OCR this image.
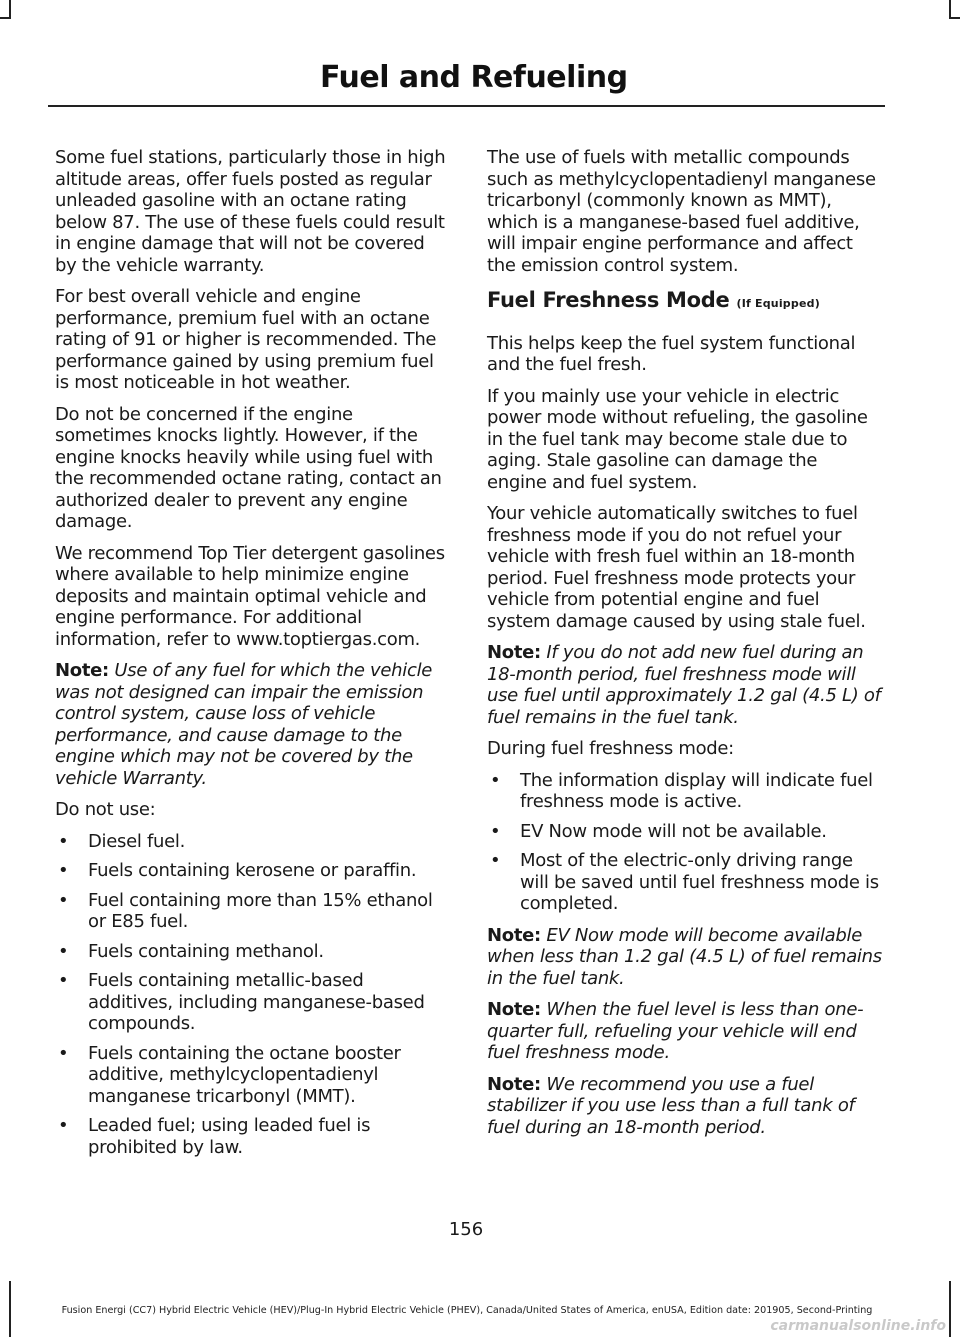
Fuel and Refueling

Some fuel stations, particularly those in high altitude areas, offer fuels posted as regular unleaded gasoline with an octane rating below 87. The use of these fuels could result in engine damage that will not be covered by the vehicle warranty.

For best overall vehicle and engine performance, premium fuel with an octane rating of 91 or higher is recommended. The performance gained by using premium fuel is most noticeable in hot weather.

Do not be concerned if the engine sometimes knocks lightly. However, if the engine knocks heavily while using fuel with the recommended octane rating, contact an authorized dealer to prevent any engine damage.

We recommend Top Tier detergent gasolines where available to help minimize engine deposits and maintain optimal vehicle and engine performance. For additional information, refer to www.toptiergas.com.

Note: Use of any fuel for which the vehicle was not designed can impair the emission control system, cause loss of vehicle performance, and cause damage to the engine which may not be covered by the vehicle Warranty.

Do not use:

• Diesel fuel.
• Fuels containing kerosene or paraffin.
• Fuel containing more than 15% ethanol or E85 fuel.
• Fuels containing methanol.
• Fuels containing metallic-based additives, including manganese-based compounds.
• Fuels containing the octane booster additive, methylcyclopentadienyl manganese tricarbonyl (MMT).
• Leaded fuel; using leaded fuel is prohibited by law.

The use of fuels with metallic compounds such as methylcyclopentadienyl manganese tricarbonyl (commonly known as MMT), which is a manganese-based fuel additive, will impair engine performance and affect the emission control system.

Fuel Freshness Mode (If Equipped)

This helps keep the fuel system functional and the fuel fresh.

If you mainly use your vehicle in electric power mode without refueling, the gasoline in the fuel tank may become stale due to aging. Stale gasoline can damage the engine and fuel system.

Your vehicle automatically switches to fuel freshness mode if you do not refuel your vehicle with fresh fuel within an 18-month period. Fuel freshness mode protects your vehicle from potential engine and fuel system damage caused by using stale fuel.

Note: If you do not add new fuel during an 18-month period, fuel freshness mode will use fuel until approximately 1.2 gal (4.5 L) of fuel remains in the fuel tank.

During fuel freshness mode:

• The information display will indicate fuel freshness mode is active.
• EV Now mode will not be available.
• Most of the electric-only driving range will be saved until fuel freshness mode is completed.

Note: EV Now mode will become available when less than 1.2 gal (4.5 L) of fuel remains in the fuel tank.

Note: When the fuel level is less than one-quarter full, refueling your vehicle will end fuel freshness mode.

Note: We recommend you use a fuel stabilizer if you use less than a full tank of fuel during an 18-month period.

156
Fusion Energi (CC7) Hybrid Electric Vehicle (HEV)/Plug-In Hybrid Electric Vehicle (PHEV), Canada/United States of America, enUSA, Edition date: 201905, Second-Printing
carmanualsonline.info
